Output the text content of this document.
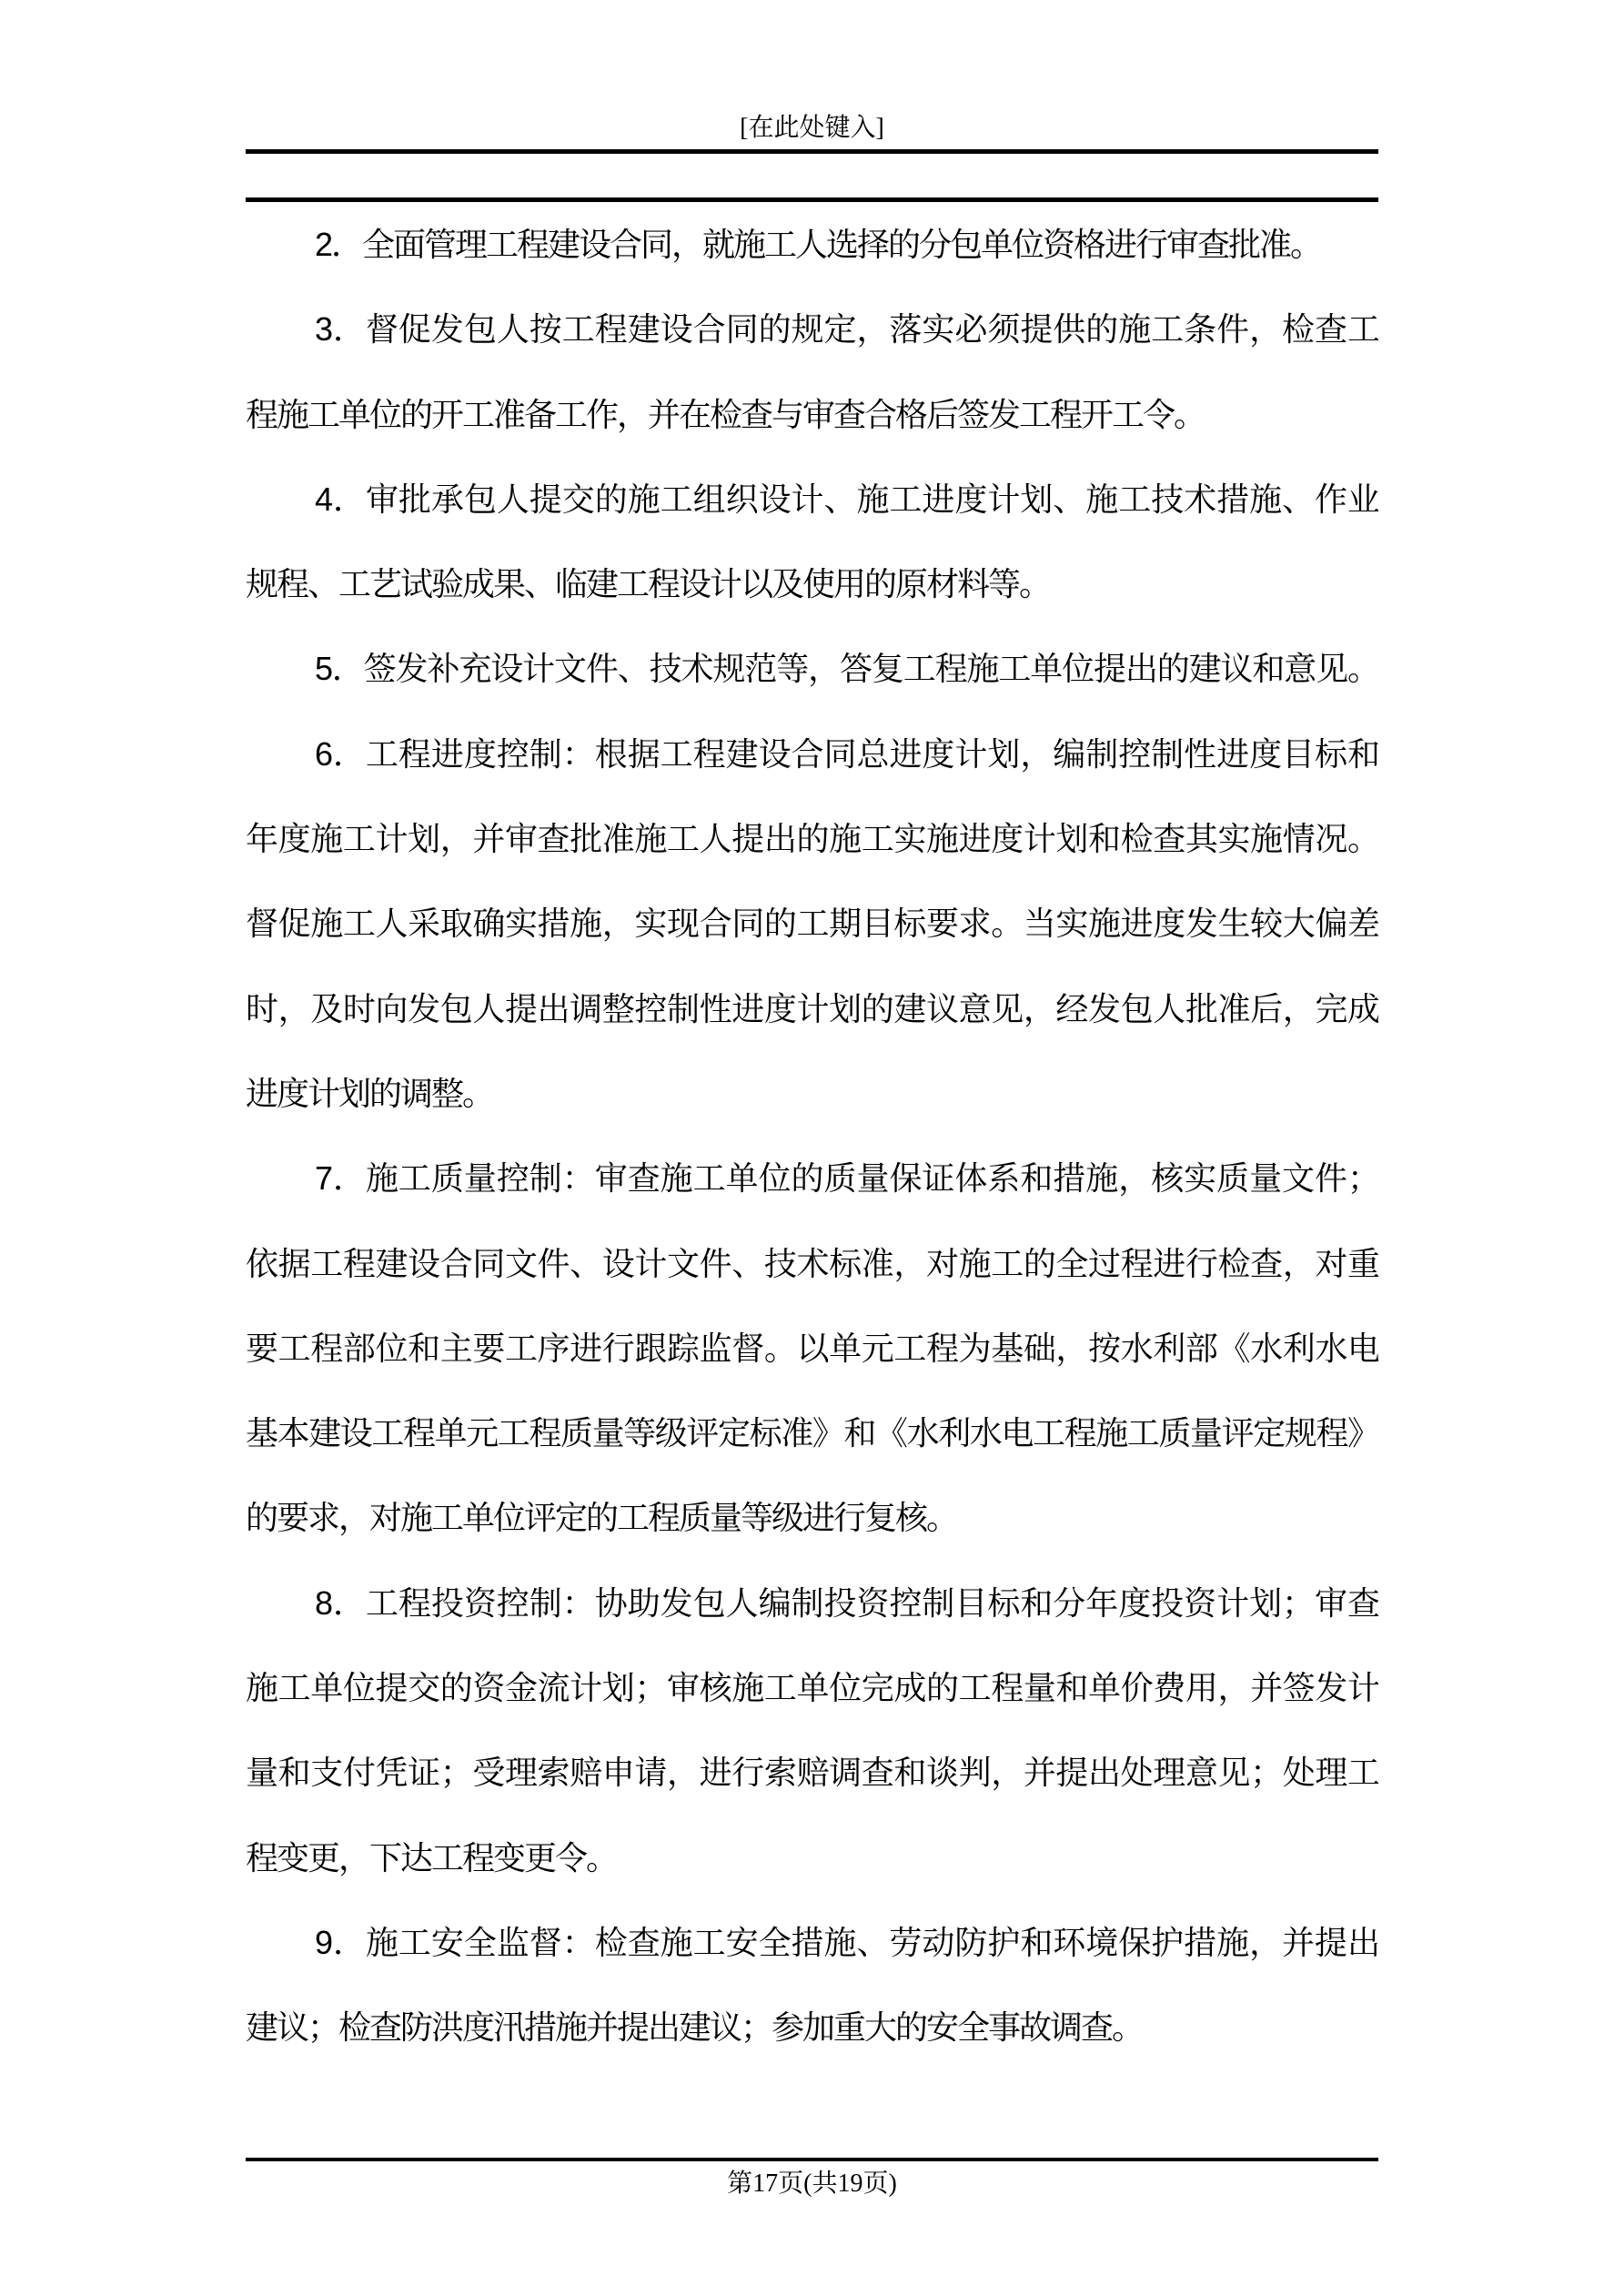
[在此处键入]
2．全面管理工程建设合同，就施工人选择的分包单位资格进行审查批准。
3．督促发包人按工程建设合同的规定，落实必须提供的施工条件，检查工
程施工单位的开工准备工作，并在检查与审查合格后签发工程开工令。
4．审批承包人提交的施工组织设计、施工进度计划、施工技术措施、作业
规程、工艺试验成果、临建工程设计以及使用的原材料等。
5．签发补充设计文件、技术规范等，答复工程施工单位提出的建议和意见。
6．工程进度控制：根据工程建设合同总进度计划，编制控制性进度目标和
年度施工计划，并审查批准施工人提出的施工实施进度计划和检查其实施情况。
督促施工人采取确实措施，实现合同的工期目标要求。当实施进度发生较大偏差
时，及时向发包人提出调整控制性进度计划的建议意见，经发包人批准后，完成
进度计划的调整。
7．施工质量控制：审查施工单位的质量保证体系和措施，核实质量文件；
依据工程建设合同文件、设计文件、技术标准，对施工的全过程进行检查，对重
要工程部位和主要工序进行跟踪监督。以单元工程为基础，按水利部《水利水电
基本建设工程单元工程质量等级评定标准》和《水利水电工程施工质量评定规程》
的要求，对施工单位评定的工程质量等级进行复核。
8．工程投资控制：协助发包人编制投资控制目标和分年度投资计划；审查
施工单位提交的资金流计划；审核施工单位完成的工程量和单价费用，并签发计
量和支付凭证；受理索赔申请，进行索赔调查和谈判，并提出处理意见；处理工
程变更，下达工程变更令。
9．施工安全监督：检查施工安全措施、劳动防护和环境保护措施，并提出
建议；检查防洪度汛措施并提出建议；参加重大的安全事故调查。
第17页(共19页)
